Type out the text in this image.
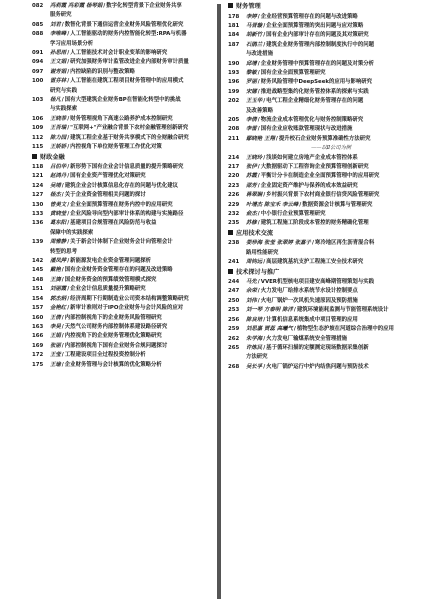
082	冯莉霞 冯彩霞 杨琴娟/数字化转型背景下企业财务共享
服务研究
085	刘君/数智化背景下通信运营企业财务风险管理优化研究
088	李唯峰/人工智能驱动的财务内控智能化转型:RPA与机器
学习应用场景分析
091	孙思雨/人工智能技术对会计职业变革的影响研究
094	王文娟/研究加强财务审计监管改进企业内部财务审计质量
097	谢芳娟/内控缺陷的识别与整改策略
100	雷芬林/人工智能在建筑工程项目财务管理中的应用模式
研究与实践
103	杨凡/国有大型建筑企业财务BP在智能化转型中的挑战
与实践探索
106	王晓菲/财务管理视角下高速公路养护成本控制研究
109	王吾瑞/"互联网+"产业融合背景下农村金融管理创新研究
112	陈力园/建筑工程企业基于财务共享模式下的全财融合研究
115	王娇娇/内控视角下单位财务管理工作优化对策
财政金融
118	吕伯华/新形势下国有企业会计信息质量的提升策略研究
121	赵鸿丹/国有企业资产管理优化对策研究
124	吴靖/建筑企业会计核算信息化存在的问题与优化建议
127	杨杰/关于企业资金管理相关问题的探讨
130	曾美文/企业全面预算管理在财务内控中的应用研究
133	黄晓莹/企业风险导向型内部审计体系的构建与实施路径
136	葛东阳/基建项目合规管理在风险防范与收益
保障中的实践探索
139	周雅静/关于新会计体制下企业财务会计向管理会计
转型的思考
142	潘凤萍/新能源发电企业资金管理问题探析
145	戴艳/国有企业财务资金管理存在的问题及改进策略
148	王旖/国企财务资金的预算绩效管理模式探究
151	刘丽霞/企业会计信息质量提升策略研究
154	郭杰炳/经济周期下行期制造业公司资本结构调整策略研究
157	金艳红/新审计准则对于IPO企业财务与会计风险的应对
160	王倩/内部控制视角下的企业财务风险管理研究
163	李昊/天然气公司财务内部控制体系建设路径研究
166	王娟/内控视角下的企业财务管理优化策略研究
169	张丽/内部控制视角下国有企业财务合规问题探讨
172	王莹/工程建设项目全过程投资控制分析
175	王瑜/企业财务管理与会计核算的优化策略分析
财务管理
178	李婷/企业经营预算管理存在的问题与改进策略
181	马晋璇/企业全面预算管理的突出问题与应对策略
184	胡新竹/国有企业内部审计存在的问题及其对策研究
187	石鹃兰/建筑企业财务管理内部控制制度执行中的问题
与改进措施
190	邱增/企业财务管理中预算管理存在的问题及对策分析
193	黎敏/国有企业全面预算管理研究
196	罗丽/财务风险管理中DeepSeek的应用与影响研究
199	宋娜/推进战略型集约化财务管控体系的探索与实践
202	王玉华/电气工程企业精细化财务管理存在的问题
及改善策略
205	李倩/物流企业成本管理优化与财务控制策略研究
208	李雷/国有企业应收账款管理现状与改进措施
211	鄢晓艳 王翔/提升校石企业财务预算准确性方法研究
——以Ⅱ公司为例
214	王晓玲/浅谈如何建立房地产企业成本管控体系
217	张伊/大数据驱动下工程咨询企业预算管理创新研究
220	苏霞/平衡计分卡在制造企业全面预算管理中的应用研究
223	邵芳/企业固定资产维护与保养的成本效益研究
226	蒋翠娴/乡村振兴背景下农村商业银行信贷风险管理研究
229	叶增杰 陈宝禾 李云峰/数据资源会计核算与管理研究
232	俞杰/中小银行企业预算管理研究
235	苏修/建筑工程施工阶段成本管控的财务精确化管理
应用技术交流
238	娄珍海 张莹 张翠婷 张嘉子/寒冷地区再生沥青混合料
路用性能研究
241	周钧远/高层建筑基坑支护工程施工安全技术研究
技术探讨与推广
244	马先/VVER机型核电项目建安高峰期管理策划与实践
247	余荣/火力发电厂给排水系统节水设计控制要点
250	刘伟/火电厂锅炉一次风机失速原因及预防措施
253	刘一琴 方泰明 陈洋/建筑环境能耗监测与节能管理系统设计
256	陈良培/计算机信息系统集成中项目管理的应用
259	刘思嘉 贾蕊 高曦气/植物型生态护坡在河道综合治理中的应用
262	朱学海/火力发电厂输煤系统安全管理措施
265	许炼民/基于循环扫描的定额测定现场数据采集创新
方法研究
268	吴长孚/火电厂锅炉运行中炉内结焦问题与预防技术
